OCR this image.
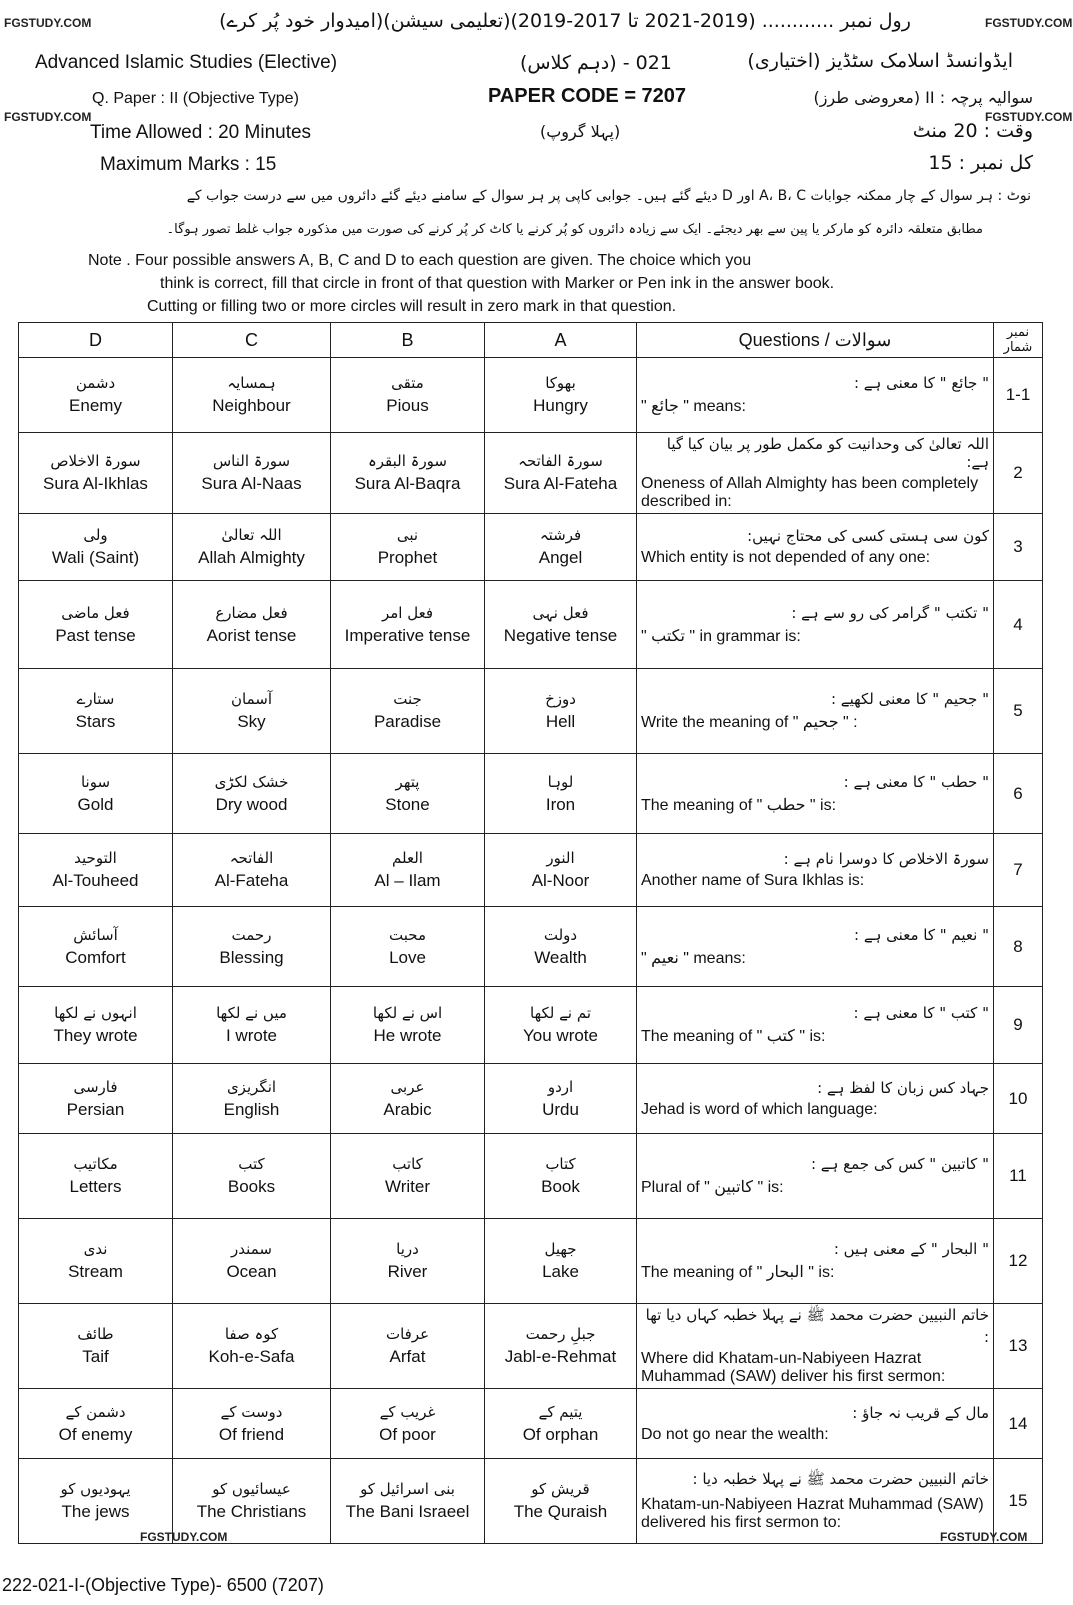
FGSTUDY.COM	FGSTUDY.COM
FGSTUDY.COM	FGSTUDY.COM
FGSTUDY.COM	FGSTUDY.COM
رول نمبر ............ (2019-2021 تا 2017-2019)(تعلیمی سیشن)(امیدوار خود پُر کرے)
Advanced Islamic Studies (Elective)	021 - (دہم کلاس)	ایڈوانسڈ اسلامک سٹڈیز (اختیاری)
Q. Paper : II (Objective Type)	PAPER CODE = 7207	سوالیہ پرچہ : II (معروضی طرز)
(پہلا گروپ)
Time Allowed : 20 Minutes	وقت : 20 منٹ
Maximum Marks : 15	کل نمبر : 15
نوٹ : ہر سوال کے چار ممکنہ جوابات A، B، C اور D دیئے گئے ہیں۔ جوابی کاپی پر ہر سوال کے سامنے دیئے گئے دائروں میں سے درست جواب کے
مطابق متعلقہ دائرہ کو مارکر یا پین سے بھر دیجئے۔ ایک سے زیادہ دائروں کو پُر کرنے یا کاٹ کر پُر کرنے کی صورت میں مذکورہ جواب غلط تصور ہوگا۔
Note . Four possible answers A, B, C and D to each question are given. The choice which you
think is correct, fill that circle in front of that question with Marker or Pen ink in the answer book.
Cutting or filling two or more circles will result in zero mark in that question.
D	C	B	A	Questions / سوالات	نمبر شمار

دشمن
Enemy	ہمسایہ
Neighbour	متقی
Pious	بھوکا
Hungry	" جائع " کا معنی ہے :
" جائع " means:	1-1

سورۃ الاخلاص
Sura Al-Ikhlas	سورۃ الناس
Sura Al-Naas	سورۃ البقرہ
Sura Al-Baqra	سورۃ الفاتحہ
Sura Al-Fateha	اللہ تعالیٰ کی وحدانیت کو مکمل طور پر بیان کیا گیا ہے:
Oneness of Allah Almighty has been completely described in:	2

ولی
Wali (Saint)	اللہ تعالیٰ
Allah Almighty	نبی
Prophet	فرشتہ
Angel	کون سی ہستی کسی کی محتاج نہیں:
Which entity is not depended of any one:	3

فعل ماضی
Past tense	فعل مضارع
Aorist tense	فعل امر
Imperative tense	فعل نہی
Negative tense	" تکتب " گرامر کی رو سے ہے :
" تکتب " in grammar is:	4

ستارے
Stars	آسمان
Sky	جنت
Paradise	دوزخ
Hell	" جحیم " کا معنی لکھیے :
Write the meaning of " جحیم " :	5

سونا
Gold	خشک لکڑی
Dry wood	پتھر
Stone	لوہا
Iron	" حطب " کا معنی ہے :
The meaning of " حطب " is:	6

التوحید
Al-Touheed	الفاتحہ
Al-Fateha	العلم
Al – Ilam	النور
Al-Noor	سورۃ الاخلاص کا دوسرا نام ہے :
Another name of Sura Ikhlas is:	7

آسائش
Comfort	رحمت
Blessing	محبت
Love	دولت
Wealth	" نعیم " کا معنی ہے :
" نعیم " means:	8

انہوں نے لکھا
They wrote	میں نے لکھا
I wrote	اس نے لکھا
He wrote	تم نے لکھا
You wrote	" کتب " کا معنی ہے :
The meaning of " کتب " is:	9

فارسی
Persian	انگریزی
English	عربی
Arabic	اردو
Urdu	جہاد کس زبان کا لفظ ہے :
Jehad is word of which language:	10

مکاتیب
Letters	کتب
Books	کاتب
Writer	کتاب
Book	" کاتبین " کس کی جمع ہے :
Plural of " کاتبین " is:	11

ندی
Stream	سمندر
Ocean	دریا
River	جھیل
Lake	" البحار " کے معنی ہیں :
The meaning of " البحار " is:	12

طائف
Taif	کوہ صفا
Koh-e-Safa	عرفات
Arfat	جبلِ رحمت
Jabl-e-Rehmat	خاتم النبیین حضرت محمد ﷺ نے پہلا خطبہ کہاں دیا تھا :
Where did Khatam-un-Nabiyeen Hazrat Muhammad (SAW) deliver his first sermon:	13

دشمن کے
Of enemy	دوست کے
Of friend	غریب کے
Of poor	یتیم کے
Of orphan	مال کے قریب نہ جاؤ :
Do not go near the wealth:	14

یہودیوں کو
The jews	عیسائیوں کو
The Christians	بنی اسرائیل کو
The Bani Israeel	قریش کو
The Quraish	خاتم النبیین حضرت محمد ﷺ نے پہلا خطبہ دیا :
Khatam-un-Nabiyeen Hazrat Muhammad (SAW) delivered his first sermon to:	15
222-021-I-(Objective Type)- 6500 (7207)
